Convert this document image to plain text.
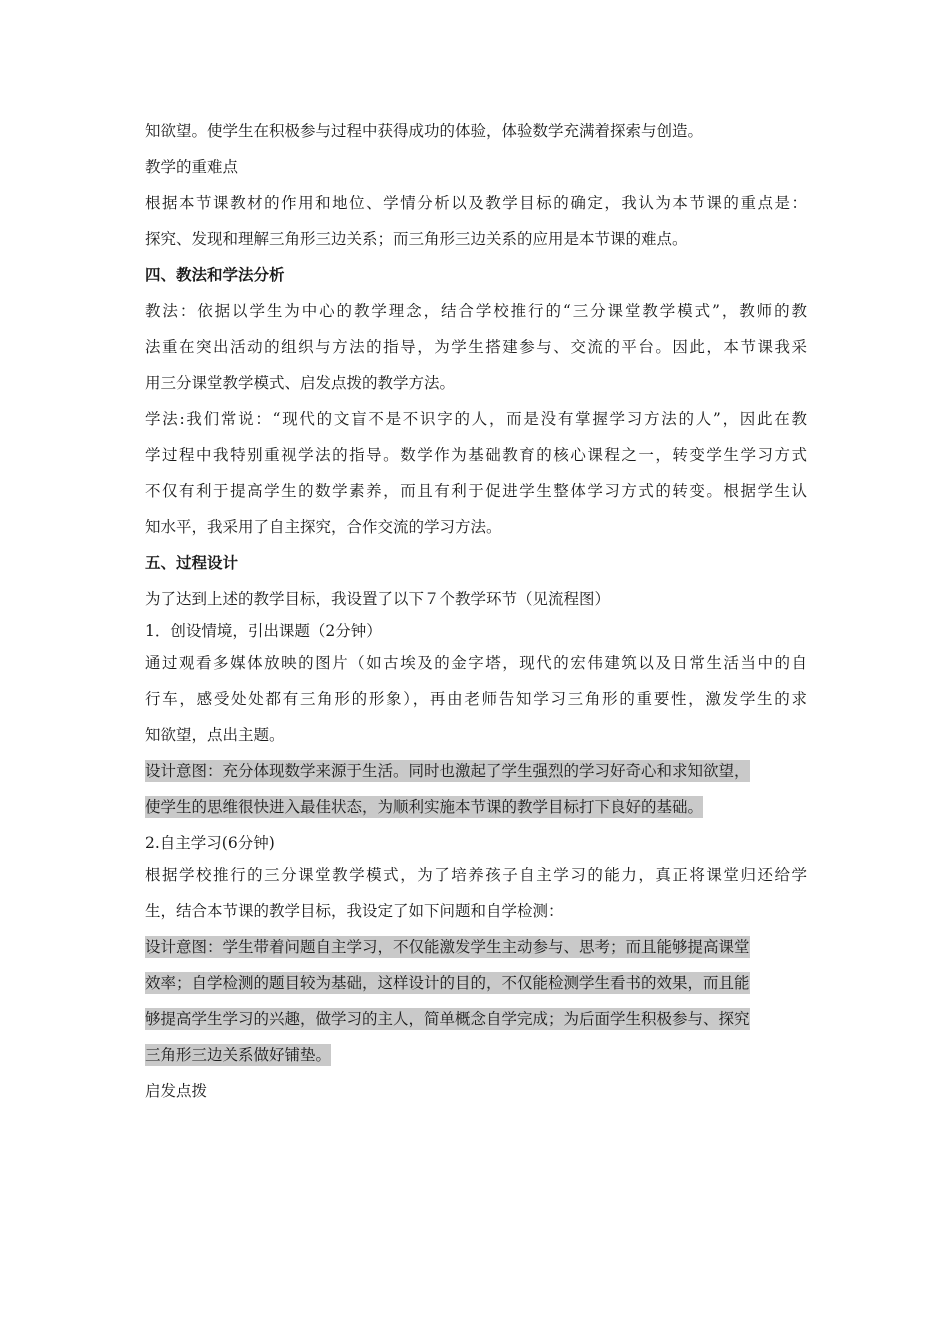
知欲望。使学生在积极参与过程中获得成功的体验，体验数学充满着探索与创造。
教学的重难点
根据本节课教材的作用和地位、学情分析以及教学目标的确定，我认为本节课的重点是：
探究、发现和理解三角形三边关系；而三角形三边关系的应用是本节课的难点。
四、教法和学法分析
教法：依据以学生为中心的教学理念，结合学校推行的“三分课堂教学模式”，教师的教
法重在突出活动的组织与方法的指导，为学生搭建参与、交流的平台。因此，本节课我采
用三分课堂教学模式、启发点拨的教学方法。
学法:我们常说：“现代的文盲不是不识字的人，而是没有掌握学习方法的人”，因此在教
学过程中我特别重视学法的指导。数学作为基础教育的核心课程之一，转变学生学习方式
不仅有利于提高学生的数学素养，而且有利于促进学生整体学习方式的转变。根据学生认
知水平，我采用了自主探究，合作交流的学习方法。
五、过程设计
为了达到上述的教学目标，我设置了以下７个教学环节（见流程图）
1．创设情境，引出课题（2分钟）
通过观看多媒体放映的图片（如古埃及的金字塔，现代的宏伟建筑以及日常生活当中的自
行车，感受处处都有三角形的形象），再由老师告知学习三角形的重要性，激发学生的求
知欲望，点出主题。
设计意图：充分体现数学来源于生活。同时也激起了学生强烈的学习好奇心和求知欲望，
使学生的思维很快进入最佳状态，为顺利实施本节课的教学目标打下良好的基础。
2.自主学习(6分钟)
根据学校推行的三分课堂教学模式，为了培养孩子自主学习的能力，真正将课堂归还给学
生，结合本节课的教学目标，我设定了如下问题和自学检测：
设计意图：学生带着问题自主学习，不仅能激发学生主动参与、思考；而且能够提高课堂
效率；自学检测的题目较为基础，这样设计的目的，不仅能检测学生看书的效果，而且能
够提高学生学习的兴趣，做学习的主人，简单概念自学完成；为后面学生积极参与、探究
三角形三边关系做好铺垫。
启发点拨
